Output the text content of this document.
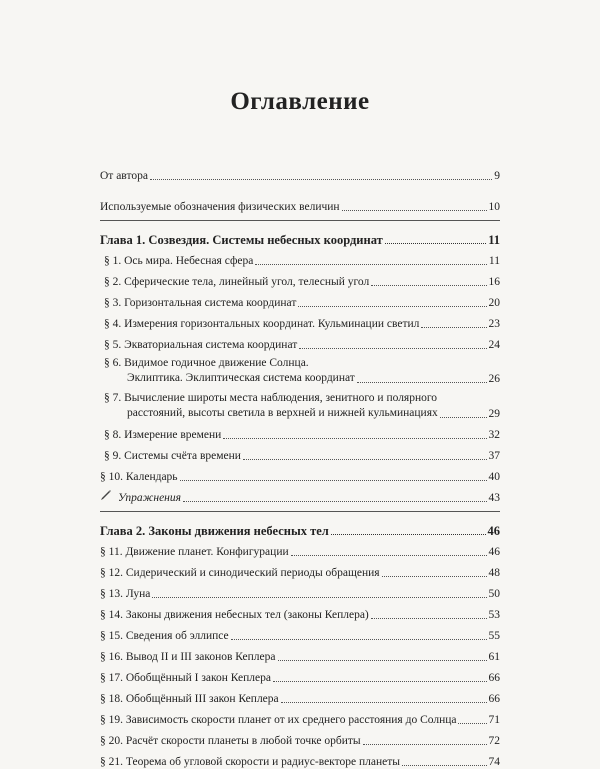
Оглавление
От автора	9
Используемые обозначения физических величин	10
Глава 1. Созвездия. Системы небесных координат	11
§ 1. Ось мира. Небесная сфера	11
§ 2. Сферические тела, линейный угол, телесный угол	16
§ 3. Горизонтальная система координат	20
§ 4. Измерения горизонтальных координат. Кульминации светил	23
§ 5. Экваториальная система координат	24
§ 6. Видимое годичное движение Солнца.
Эклиптика. Эклиптическая система координат	26
§ 7. Вычисление широты места наблюдения, зенитного и полярного
расстояний, высоты светила в верхней и нижней кульминациях	29
§ 8. Измерение времени	32
§ 9. Системы счёта времени	37
§ 10. Календарь	40
Упражнения	43
Глава 2. Законы движения небесных тел	46
§ 11. Движение планет. Конфигурации	46
§ 12. Сидерический и синодический периоды обращения	48
§ 13. Луна	50
§ 14. Законы движения небесных тел (законы Кеплера)	53
§ 15. Сведения об эллипсе	55
§ 16. Вывод II и III законов Кеплера	61
§ 17. Обобщённый I закон Кеплера	66
§ 18. Обобщённый III закон Кеплера	66
§ 19. Зависимость скорости планет от их среднего расстояния до Солнца	71
§ 20. Расчёт скорости планеты в любой точке орбиты	72
§ 21. Теорема об угловой скорости и радиус-векторе планеты	74
